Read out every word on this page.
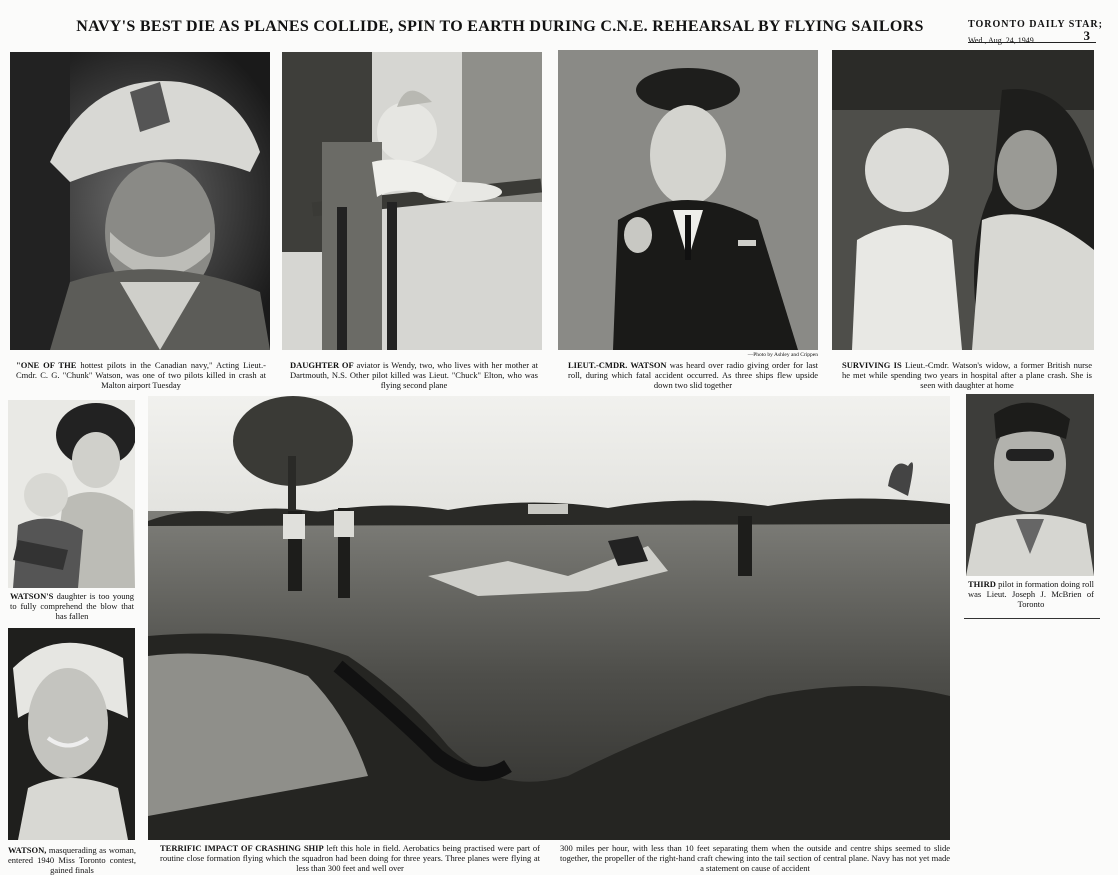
NAVY'S BEST DIE AS PLANES COLLIDE, SPIN TO EARTH DURING C.N.E. REHEARSAL BY FLYING SAILORS	TORONTO DAILY STAR;
Wed., Aug. 24, 1949	3
—Photo by Ashley and Crippen
"ONE OF THE hottest pilots in the Canadian navy," Acting Lieut.-Cmdr. C. G. "Chunk" Watson, was one of two pilots killed in crash at Malton airport Tuesday
DAUGHTER OF aviator is Wendy, two, who lives with her mother at Dartmouth, N.S. Other pilot killed was Lieut. "Chuck" Elton, who was flying second plane
LIEUT.-CMDR. WATSON was heard over radio giving order for last roll, during which fatal accident occurred. As three ships flew upside down two slid together
SURVIVING IS Lieut.-Cmdr. Watson's widow, a former British nurse he met while spending two years in hospital after a plane crash. She is seen with daughter at home
WATSON'S daughter is too young to fully comprehend the blow that has fallen
WATSON, masquerading as woman, entered 1940 Miss Toronto contest, gained finals
THIRD pilot in formation doing roll was Lieut. Joseph J. McBrien of Toronto
TERRIFIC IMPACT OF CRASHING SHIP left this hole in field. Aerobatics being practised were part of routine close formation flying which the squadron had been doing for three years. Three planes were flying at less than 300 feet and well over
300 miles per hour, with less than 10 feet separating them when the outside and centre ships seemed to slide together, the propeller of the right-hand craft chewing into the tail section of central plane. Navy has not yet made a statement on cause of accident
